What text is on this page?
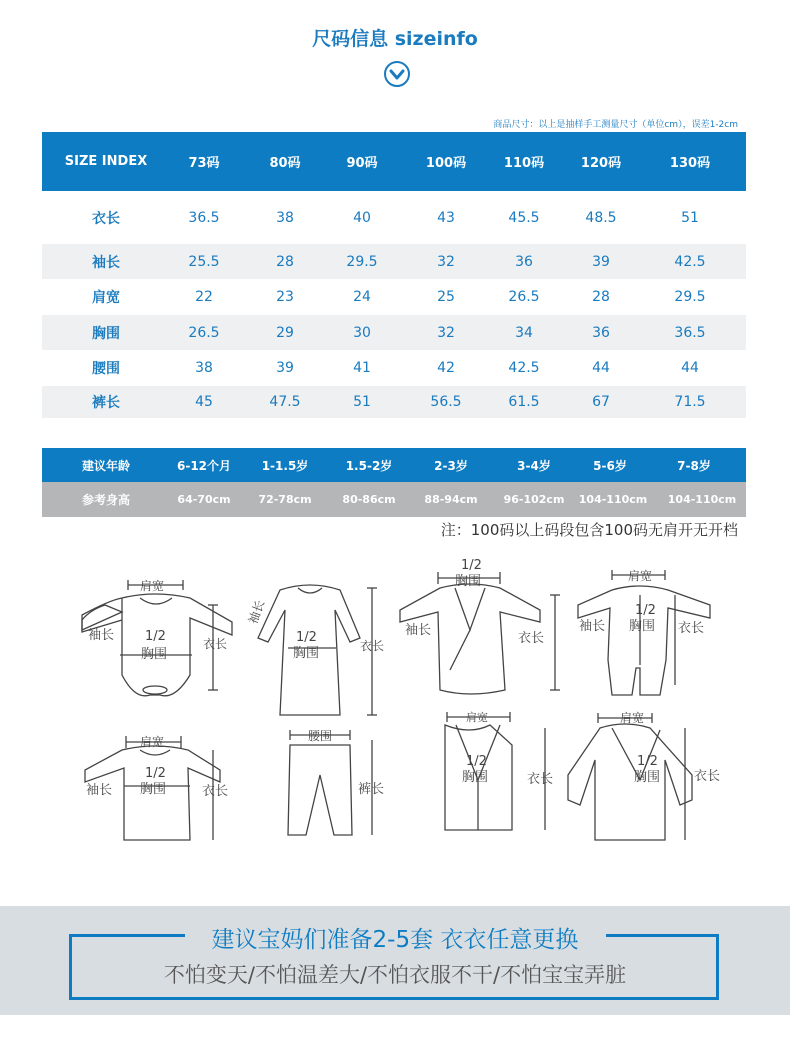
尺码信息 sizeinfo
商品尺寸：以上是抽样手工测量尺寸（单位cm），误差1-2cm
SIZE INDEX	73码	80码	90码	100码	110码	120码	130码
衣长	36.5	38	40	43	45.5	48.5	51
袖长	25.5	28	29.5	32	36	39	42.5
肩宽	22	23	24	25	26.5	28	29.5
胸围	26.5	29	30	32	34	36	36.5
腰围	38	39	41	42	42.5	44	44
裤长	45	47.5	51	56.5	61.5	67	71.5
建议年龄	6-12个月	1-1.5岁	1.5-2岁	2-3岁	3-4岁	5-6岁	7-8岁
参考身高	64-70cm	72-78cm	80-86cm	88-94cm 96-102cm 104-110cm 104-110cm
注：100码以上码段包含100码无肩开无开档
肩宽
袖长 1/2
胸围
衣长	1/2
胸围	衣长
袖长
1/2
胸围
袖长
衣长
肩宽
1/2
胸围
袖长	衣长
肩宽
1/2
胸围
袖长	衣长
腰围
裤长
肩宽
1/2
胸围	衣长
肩宽
1/2
胸围	衣长
建议宝妈们准备2-5套 衣衣任意更换
不怕变天/不怕温差大/不怕衣服不干/不怕宝宝弄脏
